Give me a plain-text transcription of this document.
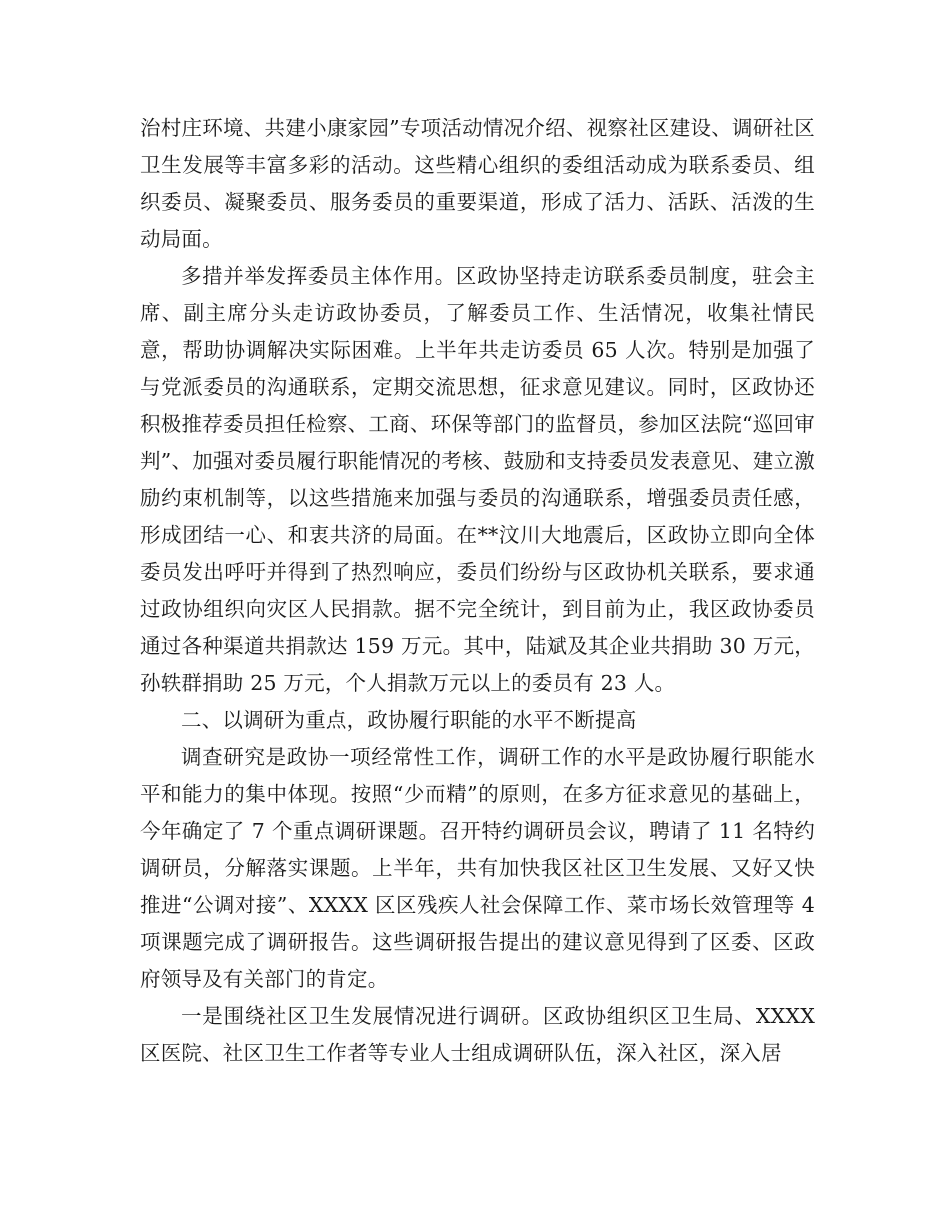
治村庄环境、共建小康家园”专项活动情况介绍、视察社区建设、调研社区卫生发展等丰富多彩的活动。这些精心组织的委组活动成为联系委员、组织委员、凝聚委员、服务委员的重要渠道，形成了活力、活跃、活泼的生动局面。

多措并举发挥委员主体作用。区政协坚持走访联系委员制度，驻会主席、副主席分头走访政协委员，了解委员工作、生活情况，收集社情民意，帮助协调解决实际困难。上半年共走访委员 65 人次。特别是加强了与党派委员的沟通联系，定期交流思想，征求意见建议。同时，区政协还积极推荐委员担任检察、工商、环保等部门的监督员，参加区法院“巡回审判”、加强对委员履行职能情况的考核、鼓励和支持委员发表意见、建立激励约束机制等，以这些措施来加强与委员的沟通联系，增强委员责任感，形成团结一心、和衷共济的局面。在**汶川大地震后，区政协立即向全体委员发出呼吁并得到了热烈响应，委员们纷纷与区政协机关联系，要求通过政协组织向灾区人民捐款。据不完全统计，到目前为止，我区政协委员通过各种渠道共捐款达 159 万元。其中，陆斌及其企业共捐助 30 万元，孙轶群捐助 25 万元，个人捐款万元以上的委员有 23 人。

二、以调研为重点，政协履行职能的水平不断提高

调查研究是政协一项经常性工作，调研工作的水平是政协履行职能水平和能力的集中体现。按照“少而精”的原则，在多方征求意见的基础上，今年确定了 7 个重点调研课题。召开特约调研员会议，聘请了 11 名特约调研员，分解落实课题。上半年，共有加快我区社区卫生发展、又好又快推进“公调对接”、XXXX 区区残疾人社会保障工作、菜市场长效管理等 4 项课题完成了调研报告。这些调研报告提出的建议意见得到了区委、区政府领导及有关部门的肯定。

一是围绕社区卫生发展情况进行调研。区政协组织区卫生局、XXXX 区医院、社区卫生工作者等专业人士组成调研队伍，深入社区，深入居
